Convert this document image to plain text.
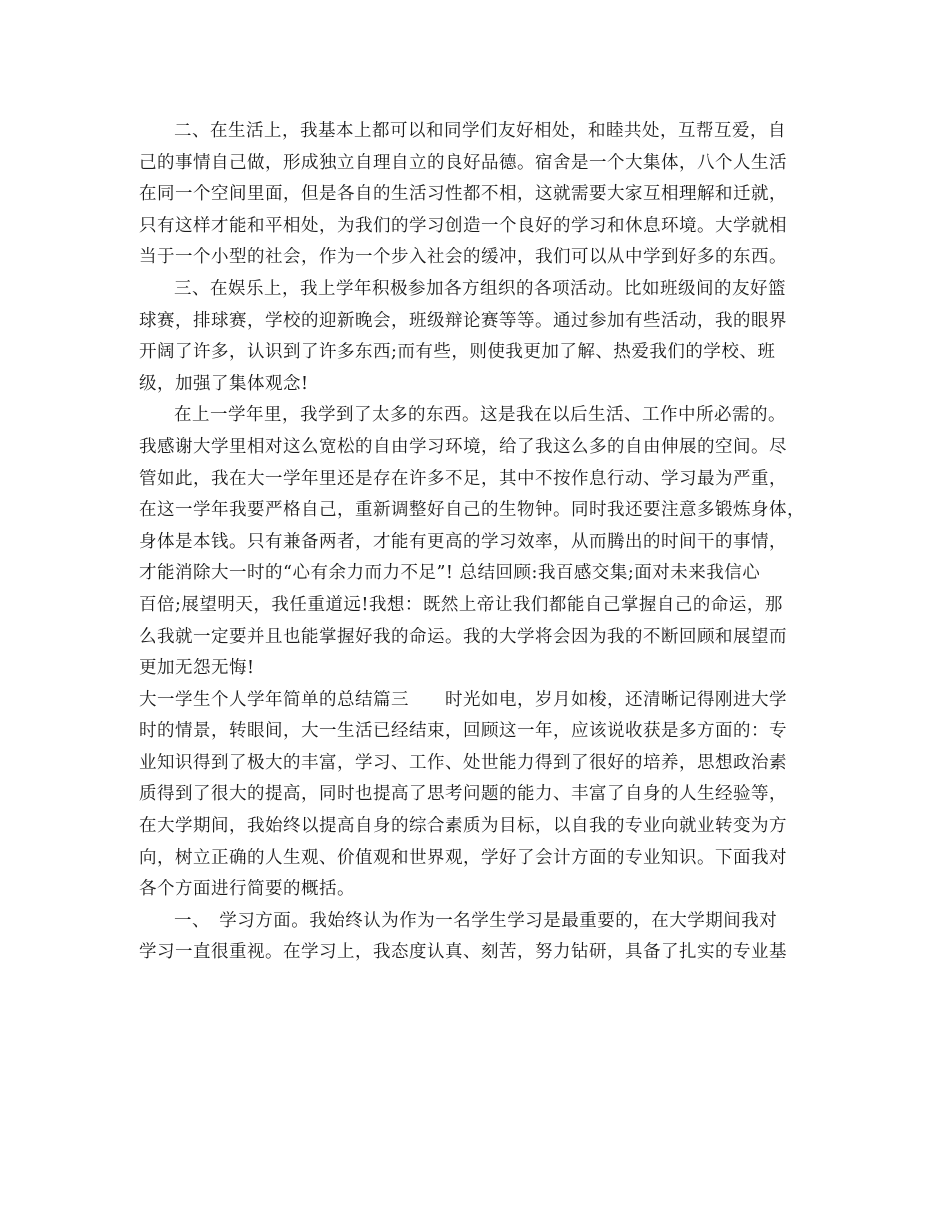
二、在生活上，我基本上都可以和同学们友好相处，和睦共处，互帮互爱，自
己的事情自己做，形成独立自理自立的良好品德。宿舍是一个大集体，八个人生活
在同一个空间里面，但是各自的生活习性都不相，这就需要大家互相理解和迁就，
只有这样才能和平相处，为我们的学习创造一个良好的学习和休息环境。大学就相
当于一个小型的社会，作为一个步入社会的缓冲，我们可以从中学到好多的东西。
三、在娱乐上，我上学年积极参加各方组织的各项活动。比如班级间的友好篮
球赛，排球赛，学校的迎新晚会，班级辩论赛等等。通过参加有些活动，我的眼界
开阔了许多，认识到了许多东西;而有些，则使我更加了解、热爱我们的学校、班
级，加强了集体观念!
在上一学年里，我学到了太多的东西。这是我在以后生活、工作中所必需的。
我感谢大学里相对这么宽松的自由学习环境，给了我这么多的自由伸展的空间。尽
管如此，我在大一学年里还是存在许多不足，其中不按作息行动、学习最为严重，
在这一学年我要严格自己，重新调整好自己的生物钟。同时我还要注意多锻炼身体，
身体是本钱。只有兼备两者，才能有更高的学习效率，从而腾出的时间干的事情，
才能消除大一时的“心有余力而力不足”! 总结回顾:我百感交集;面对未来我信心
百倍;展望明天，我任重道远!我想：既然上帝让我们都能自己掌握自己的命运，那
么我就一定要并且也能掌握好我的命运。我的大学将会因为我的不断回顾和展望而
更加无怨无悔!
大一学生个人学年简单的总结篇三　　时光如电，岁月如梭，还清晰记得刚进大学
时的情景，转眼间，大一生活已经结束，回顾这一年，应该说收获是多方面的：专
业知识得到了极大的丰富，学习、工作、处世能力得到了很好的培养，思想政治素
质得到了很大的提高，同时也提高了思考问题的能力、丰富了自身的人生经验等，
在大学期间，我始终以提高自身的综合素质为目标，以自我的专业向就业转变为方
向，树立正确的人生观、价值观和世界观，学好了会计方面的专业知识。下面我对
各个方面进行简要的概括。
一、　学习方面。我始终认为作为一名学生学习是最重要的，在大学期间我对
学习一直很重视。在学习上，我态度认真、刻苦，努力钻研，具备了扎实的专业基
